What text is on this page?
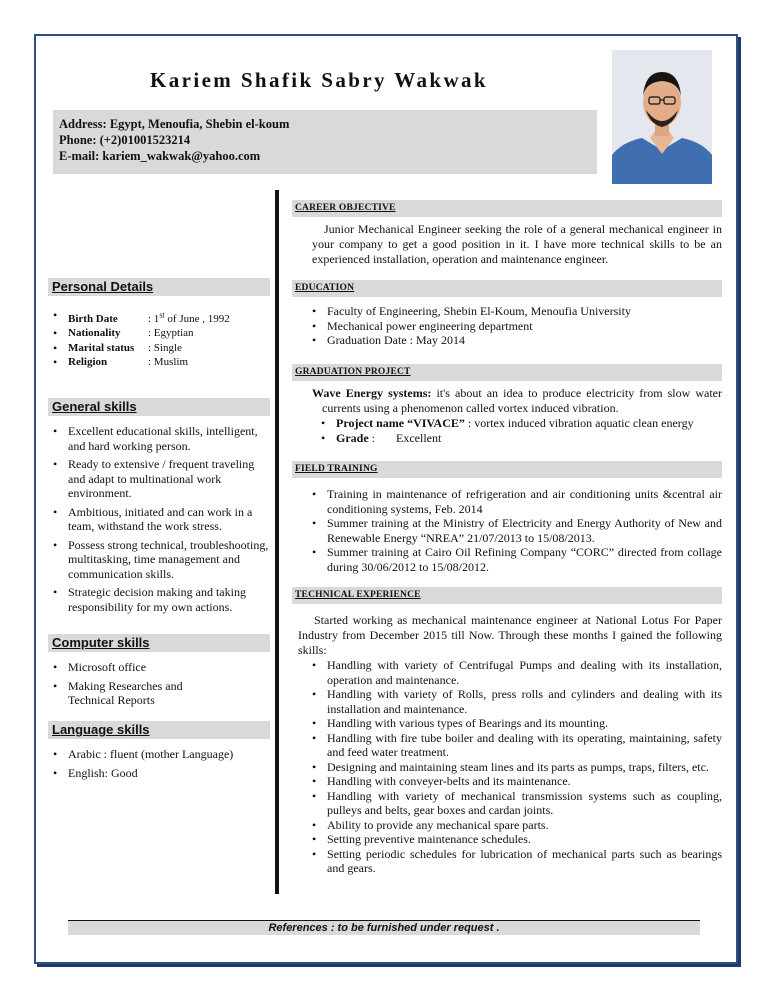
Kariem Shafik Sabry Wakwak
Address: Egypt, Menoufia, Shebin el-koum
Phone: (+2)01001523214
E-mail: kariem_wakwak@yahoo.com
Personal Details
• Birth Date	: 1st of June , 1992
• Nationality : Egyptian
• Marital status : Single
• Religion	: Muslim
General skills
• Excellent educational skills, intelligent, and hard working person.
• Ready to extensive / frequent traveling and adapt to multinational work environment.
• Ambitious, initiated and can work in a team, withstand the work stress.
• Possess strong technical, troubleshooting, multitasking, time management and communication skills.
• Strategic decision making and taking responsibility for my own actions.
Computer skills
• Microsoft office
• Making Researches and Technical Reports
Language skills
• Arabic : fluent (mother Language)
• English: Good
CAREER OBJECTIVE
Junior Mechanical Engineer seeking the role of a general mechanical engineer in your company to get a good position in it. I have more technical skills to be an experienced installation, operation and maintenance engineer.
EDUCATION
• Faculty of Engineering, Shebin El-Koum, Menoufia University
• Mechanical power engineering department
• Graduation Date : May 2014
GRADUATION PROJECT
Wave Energy systems: it's about an idea to produce electricity from slow water currents using a phenomenon called vortex induced vibration.
• Project name “VIVACE” : vortex induced vibration aquatic clean energy
• Grade :       Excellent
FIELD TRAINING
• Training in maintenance of refrigeration and air conditioning units &central air conditioning systems, Feb. 2014
• Summer training at the Ministry of Electricity and Energy Authority of New and Renewable Energy “NREA” 21/07/2013 to 15/08/2013.
• Summer training at Cairo Oil Refining Company “CORC” directed from collage during 30/06/2012 to 15/08/2012.
TECHNICAL EXPERIENCE
Started working as mechanical maintenance engineer at National Lotus For Paper Industry from December 2015 till Now. Through these months I gained the following skills:
• Handling with variety of Centrifugal Pumps and dealing with its installation, operation and maintenance.
• Handling with variety of Rolls, press rolls and cylinders and dealing with its installation and maintenance.
• Handling with various types of Bearings and its mounting.
• Handling with fire tube boiler and dealing with its operating, maintaining, safety and feed water treatment.
• Designing and maintaining steam lines and its parts as pumps, traps, filters, etc.
• Handling with conveyer-belts and its maintenance.
• Handling with variety of mechanical transmission systems such as coupling, pulleys and belts, gear boxes and cardan joints.
• Ability to provide any mechanical spare parts.
• Setting preventive maintenance schedules.
• Setting periodic schedules for lubrication of mechanical parts such as bearings and gears.
References : to be furnished under request .
